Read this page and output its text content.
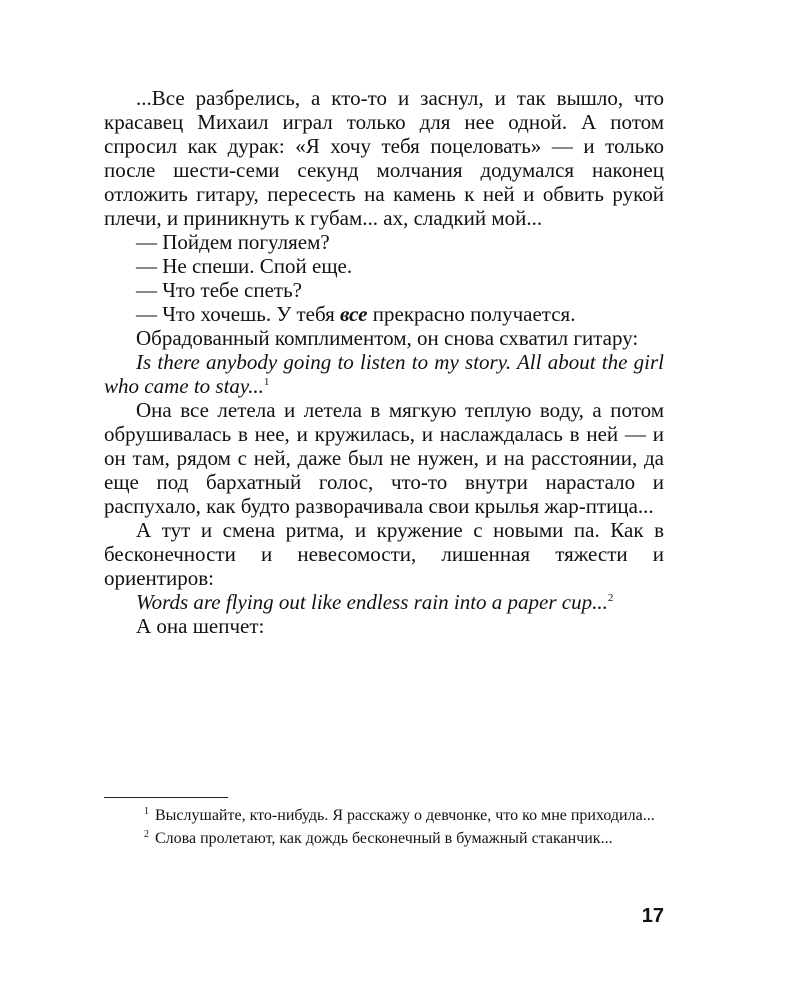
...Все разбрелись, а кто-то и заснул, и так вышло, что красавец Михаил играл только для нее одной. А потом спросил как дурак: «Я хочу тебя поцеловать» — и только после шести-семи секунд молчания додумался наконец отложить гитару, пересесть на камень к ней и обвить рукой плечи, и приникнуть к губам... ах, сладкий мой...

— Пойдем погуляем?

— Не спеши. Спой еще.

— Что тебе спеть?

— Что хочешь. У тебя все прекрасно получается.

Обрадованный комплиментом, он снова схватил гитару:

Is there anybody going to listen to my story. All about the girl who came to stay...$^1$

Она все летела и летела в мягкую теплую воду, а потом обрушивалась в нее, и кружилась, и наслаждалась в ней — и он там, рядом с ней, даже был не нужен, и на расстоянии, да еще под бархатный голос, что-то внутри нарастало и распухало, как будто разворачивала свои крылья жар-птица...

А тут и смена ритма, и кружение с новыми па. Как в бесконечности и невесомости, лишенная тяжести и ориентиров:

Words are flying out like endless rain into a paper cup...$^2$

А она шепчет:

$^1$ Выслушайте, кто-нибудь. Я расскажу о девчонке, что ко мне приходила...

$^2$ Слова пролетают, как дождь бесконечный в бумажный стаканчик...

17
